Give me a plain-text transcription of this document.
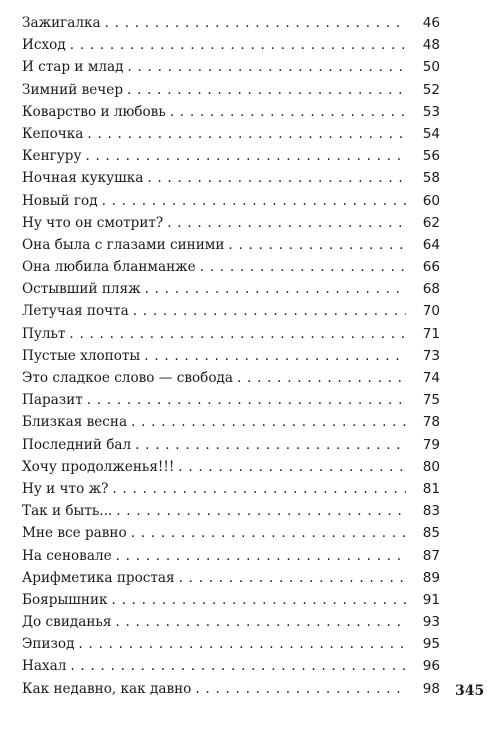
Зажигалка . . .	46
Исход . . .	48
И стар и млад . . .	50
Зимний вечер . . .	52
Коварство и любовь . . .	53
Кепочка . . .	54
Кенгуру . . .	56
Ночная кукушка . . .	58
Новый год . . .	60
Ну что он смотрит? . . .	62
Она была с глазами синими . . .	64
Она любила бланманже . . .	66
Остывший пляж . . .	68
Летучая почта . . .	70
Пульт . . .	71
Пустые хлопоты . . .	73
Это сладкое слово — свобода . . .	74
Паразит . . .	75
Близкая весна . . .	78
Последний бал . . .	79
Хочу продолженья!!! . . .	80
Ну и что ж? . . .	81
Так и быть... . . .	83
Мне все равно . . .	85
На сеновале . . .	87
Арифметика простая . . .	89
Боярышник . . .	91
До свиданья . . .	93
Эпизод . . .	95
Нахал . . .	96
Как недавно, как давно . . .	98 345
